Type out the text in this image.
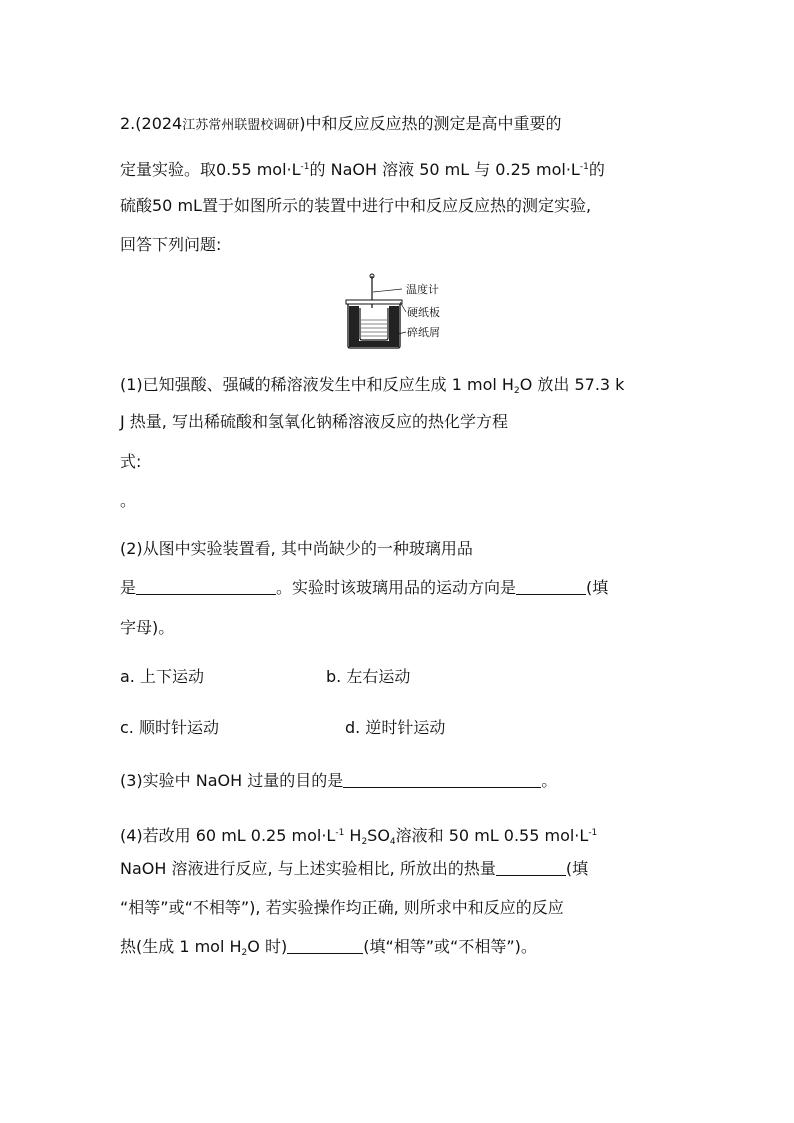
2.(2024江苏常州联盟校调研)中和反应反应热的测定是高中重要的
定量实验。取0.55 $mol\cdot L^{-1}$的 NaOH 溶液 50 mL 与 0.25 $mol\cdot L^{-1}$的
硫酸50 mL置于如图所示的装置中进行中和反应反应热的测定实验,
回答下列问题:
温度计
硬纸板
碎纸屑
(1)已知强酸、强碱的稀溶液发生中和反应生成 1 mol $H_2O$ 放出 57.3 k
J 热量, 写出稀硫酸和氢氧化钠稀溶液反应的热化学方程
式:
。
(2)从图中实验装置看, 其中尚缺少的一种玻璃用品
是	。实验时该玻璃用品的运动方向是	(填
字母)。
a. 上下运动	b. 左右运动
c. 顺时针运动	d. 逆时针运动
(3)实验中 NaOH 过量的目的是	。
(4)若改用 60 mL 0.25 $mol\cdot L^{-1}$ $H_2SO_4$溶液和 50 mL 0.55 $mol\cdot L^{-1}$
NaOH 溶液进行反应, 与上述实验相比, 所放出的热量	(填
“相等”或“不相等”), 若实验操作均正确, 则所求中和反应的反应
热(生成 1 mol $H_2O$ 时)	(填“相等”或“不相等”)。
